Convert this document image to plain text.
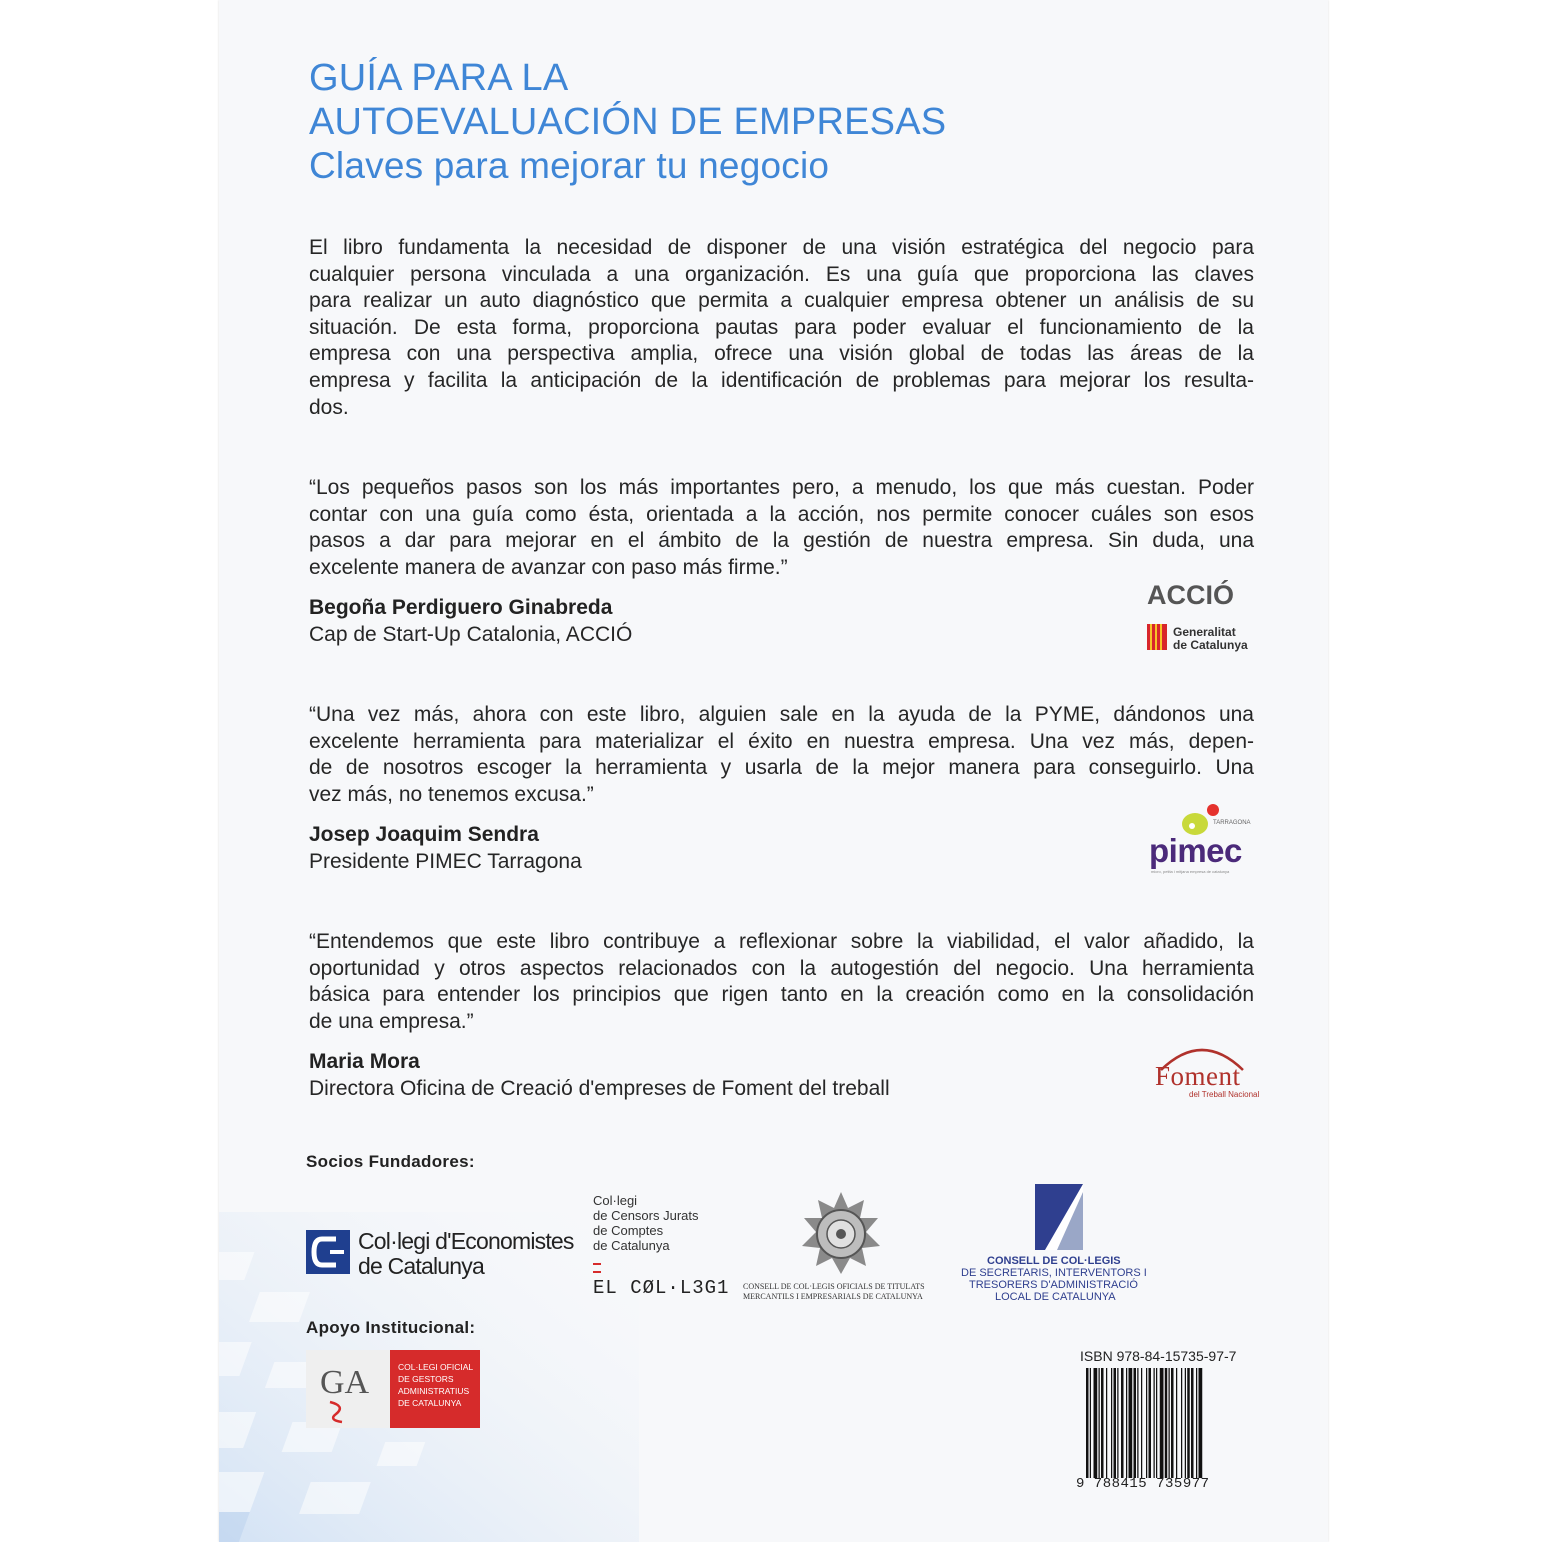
GUÍA PARA LA
AUTOEVALUACIÓN DE EMPRESAS
Claves para mejorar tu negocio
El libro fundamenta la necesidad de disponer de una visión estratégica del negocio para
cualquier persona vinculada a una organización. Es una guía que proporciona las claves
para realizar un auto diagnóstico que permita a cualquier empresa obtener un análisis de su
situación. De esta forma, proporciona pautas para poder evaluar el funcionamiento de la
empresa con una perspectiva amplia, ofrece una visión global de todas las áreas de la
empresa y facilita la anticipación de la identificación de problemas para mejorar los resulta-
dos.
“Los pequeños pasos son los más importantes pero, a menudo, los que más cuestan. Poder
contar con una guía como ésta, orientada a la acción, nos permite conocer cuáles son esos
pasos a dar para mejorar en el ámbito de la gestión de nuestra empresa. Sin duda, una
excelente manera de avanzar con paso más firme.”
Begoña Perdiguero Ginabreda
Cap de Start-Up Catalonia, ACCIÓ
ACCIÓ
Generalitat
de Catalunya
“Una vez más, ahora con este libro, alguien sale en la ayuda de la PYME, dándonos una
excelente herramienta para materializar el éxito en nuestra empresa. Una vez más, depen-
de de nosotros escoger la herramienta y usarla de la mejor manera para conseguirlo. Una
vez más, no tenemos excusa.”
Josep Joaquim Sendra
Presidente PIMEC Tarragona
TARRAGONA
pimec
micro, petita i mitjana empresa de catalunya
“Entendemos que este libro contribuye a reflexionar sobre la viabilidad, el valor añadido, la
oportunidad y otros aspectos relacionados con la autogestión del negocio. Una herramienta
básica para entender los principios que rigen tanto en la creación como en la consolidación
de una empresa.”
Maria Mora
Directora Oficina de Creació d'empreses de Foment del treball	Foment
del Treball Nacional
Socios Fundadores:
Col·legi d'Economistes
de Catalunya
Col·legi
de Censors Jurats
de Comptes
de Catalunya
EL CØL·L3G1 CONSELL DE COL·LEGIS OFICIALS DE TITULATS
MERCANTILS I EMPRESARIALS DE CATALUNYA
CONSELL DE COL·LEGIS
DE SECRETARIS, INTERVENTORS I
TRESORERS D'ADMINISTRACIÓ
LOCAL DE CATALUNYA
Apoyo Institucional:
GA	COL·LEGI OFICIAL
DE GESTORS
ADMINISTRATIUS
DE CATALUNYA
ISBN 978-84-15735-97-7
9 788415 735977
